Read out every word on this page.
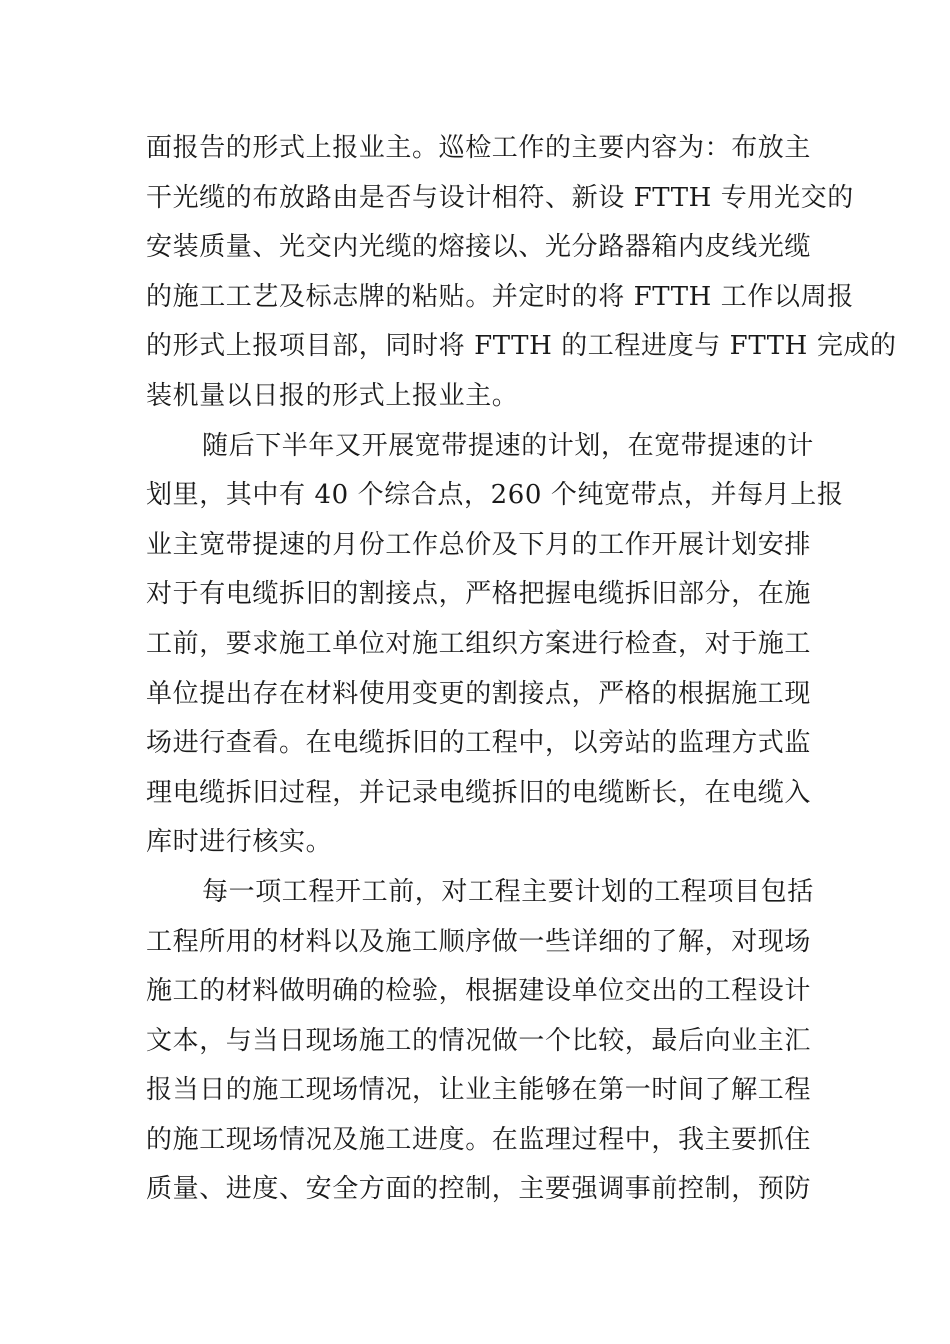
面报告的形式上报业主。巡检工作的主要内容为：布放主
干光缆的布放路由是否与设计相符、新设 FTTH 专用光交的
安装质量、光交内光缆的熔接以、光分路器箱内皮线光缆
的施工工艺及标志牌的粘贴。并定时的将 FTTH 工作以周报
的形式上报项目部，同时将 FTTH 的工程进度与 FTTH 完成的
装机量以日报的形式上报业主。
随后下半年又开展宽带提速的计划，在宽带提速的计
划里，其中有 40 个综合点，260 个纯宽带点，并每月上报
业主宽带提速的月份工作总价及下月的工作开展计划安排
对于有电缆拆旧的割接点，严格把握电缆拆旧部分，在施
工前，要求施工单位对施工组织方案进行检查，对于施工
单位提出存在材料使用变更的割接点，严格的根据施工现
场进行查看。在电缆拆旧的工程中，以旁站的监理方式监
理电缆拆旧过程，并记录电缆拆旧的电缆断长，在电缆入
库时进行核实。
每一项工程开工前，对工程主要计划的工程项目包括
工程所用的材料以及施工顺序做一些详细的了解，对现场
施工的材料做明确的检验，根据建设单位交出的工程设计
文本，与当日现场施工的情况做一个比较，最后向业主汇
报当日的施工现场情况，让业主能够在第一时间了解工程
的施工现场情况及施工进度。在监理过程中，我主要抓住
质量、进度、安全方面的控制，主要强调事前控制，预防
